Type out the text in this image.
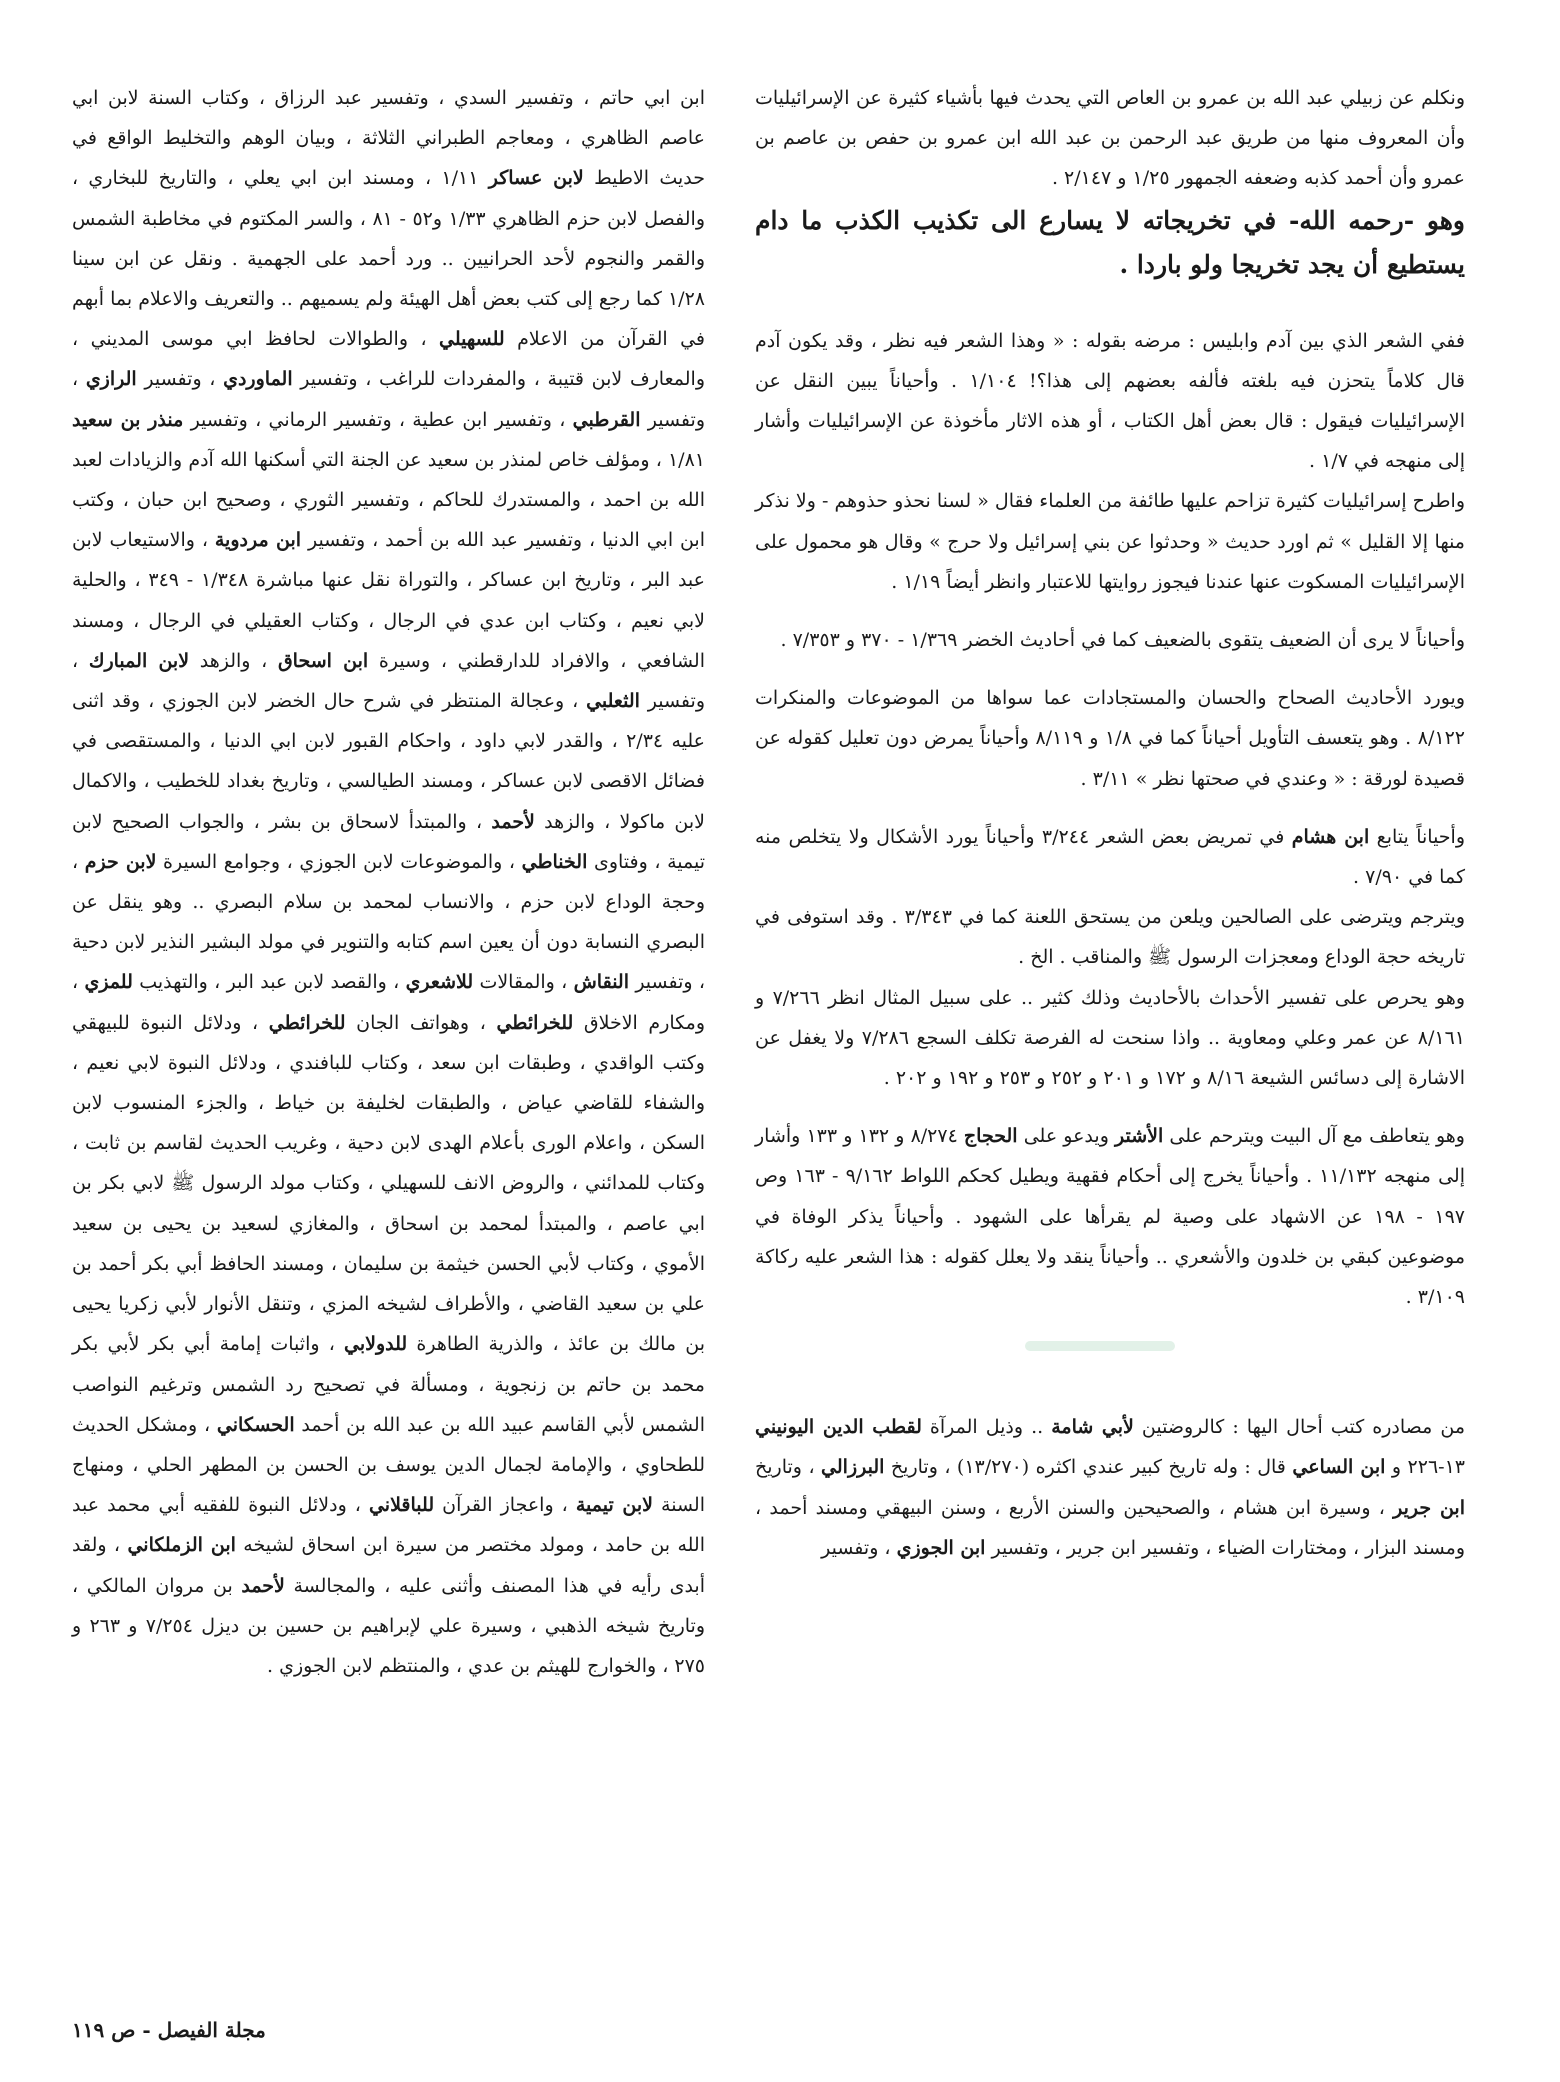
ونكلم عن زبيلي عبد الله بن عمرو بن العاص التي يحدث فيها بأشياء كثيرة عن الإسرائيليات وأن المعروف منها من طريق عبد الرحمن بن عبد الله ابن عمرو بن حفص بن عاصم بن عمرو وأن أحمد كذبه وضعفه الجمهور ١/٢٥ و ٢/١٤٧ .

وهو -رحمه الله- في تخريجاته لا يسارع الى تكذيب الكذب ما دام يستطيع أن يجد تخريجا ولو باردا .

ففي الشعر الذي بين آدم وابليس : مرضه بقوله : « وهذا الشعر فيه نظر ، وقد يكون آدم قال كلاماً يتحزن فيه بلغته فألفه بعضهم إلى هذا؟! ١/١٠٤ . وأحياناً يبين النقل عن الإسرائيليات فيقول : قال بعض أهل الكتاب ، أو هذه الاثار مأخوذة عن الإسرائيليات وأشار إلى منهجه في ١/٧ .

واطرح إسرائيليات كثيرة تزاحم عليها طائفة من العلماء فقال « لسنا نحذو حذوهم - ولا نذكر منها إلا القليل » ثم اورد حديث « وحدثوا عن بني إسرائيل ولا حرج » وقال هو محمول على الإسرائيليات المسكوت عنها عندنا فيجوز روايتها للاعتبار وانظر أيضاً ١/١٩ .

وأحياناً لا يرى أن الضعيف يتقوى بالضعيف كما في أحاديث الخضر ١/٣٦٩ - ٣٧٠ و ٧/٣٥٣ .

ويورد الأحاديث الصحاح والحسان والمستجادات عما سواها من الموضوعات والمنكرات ٨/١٢٢ . وهو يتعسف التأويل أحياناً كما في ١/٨ و ٨/١١٩ وأحياناً يمرض دون تعليل كقوله عن قصيدة لورقة : « وعندي في صحتها نظر » ٣/١١ .

وأحياناً يتابع ابن هشام في تمريض بعض الشعر ٣/٢٤٤ وأحياناً يورد الأشكال ولا يتخلص منه كما في ٧/٩٠ .

ويترجم ويترضى على الصالحين ويلعن من يستحق اللعنة كما في ٣/٣٤٣ . وقد استوفى في تاريخه حجة الوداع ومعجزات الرسول ﷺ والمناقب . الخ .

وهو يحرص على تفسير الأحداث بالأحاديث وذلك كثير .. على سبيل المثال انظر ٧/٢٦٦ و ٨/١٦١ عن عمر وعلي ومعاوية .. واذا سنحت له الفرصة تكلف السجع ٧/٢٨٦ ولا يغفل عن الاشارة إلى دسائس الشيعة ٨/١٦ و ١٧٢ و ٢٠١ و ٢٥٢ و ٢٥٣ و ١٩٢ و ٢٠٢ .

وهو يتعاطف مع آل البيت ويترحم على الأشتر ويدعو على الحجاج ٨/٢٧٤ و ١٣٢ و ١٣٣ وأشار إلى منهجه ١١/١٣٢ . وأحياناً يخرج إلى أحكام فقهية ويطيل كحكم اللواط ٩/١٦٢ - ١٦٣ وص ١٩٧ - ١٩٨ عن الاشهاد على وصية لم يقرأها على الشهود . وأحياناً يذكر الوفاة في موضوعين كبقي بن خلدون والأشعري .. وأحياناً ينقد ولا يعلل كقوله : هذا الشعر عليه ركاكة ٣/١٠٩ .

من مصادره كتب أحال اليها : كالروضتين لأبي شامة .. وذيل المرآة لقطب الدين اليونيني ١٣-٢٢٦ و ابن الساعي قال : وله تاريخ كبير عندي اكثره (١٣/٢٧٠) ، وتاريخ البرزالي ، وتاريخ ابن جرير ، وسيرة ابن هشام ، والصحيحين والسنن الأربع ، وسنن البيهقي ومسند أحمد ، ومسند البزار ، ومختارات الضياء ، وتفسير ابن جرير ، وتفسير ابن الجوزي ، وتفسير

ابن ابي حاتم ، وتفسير السدي ، وتفسير عبد الرزاق ، وكتاب السنة لابن ابي عاصم الظاهري ، ومعاجم الطبراني الثلاثة ، وبيان الوهم والتخليط الواقع في حديث الاطيط لابن عساكر ١/١١ ، ومسند ابن ابي يعلي ، والتاريخ للبخاري ، والفصل لابن حزم الظاهري ١/٣٣ و٥٢ - ٨١ ، والسر المكتوم في مخاطبة الشمس والقمر والنجوم لأحد الحرانيين .. ورد أحمد على الجهمية . ونقل عن ابن سينا ١/٢٨ كما رجع إلى كتب بعض أهل الهيئة ولم يسميهم .. والتعريف والاعلام بما أبهم في القرآن من الاعلام للسهيلي ، والطوالات لحافظ ابي موسى المديني ، والمعارف لابن قتيبة ، والمفردات للراغب ، وتفسير الماوردي ، وتفسير الرازي ، وتفسير القرطبي ، وتفسير ابن عطية ، وتفسير الرماني ، وتفسير منذر بن سعيد ١/٨١ ، ومؤلف خاص لمنذر بن سعيد عن الجنة التي أسكنها الله آدم والزيادات لعبد الله بن احمد ، والمستدرك للحاكم ، وتفسير الثوري ، وصحيح ابن حبان ، وكتب ابن ابي الدنيا ، وتفسير عبد الله بن أحمد ، وتفسير ابن مردوية ، والاستيعاب لابن عبد البر ، وتاريخ ابن عساكر ، والتوراة نقل عنها مباشرة ١/٣٤٨ - ٣٤٩ ، والحلية لابي نعيم ، وكتاب ابن عدي في الرجال ، وكتاب العقيلي في الرجال ، ومسند الشافعي ، والافراد للدارقطني ، وسيرة ابن اسحاق ، والزهد لابن المبارك ، وتفسير الثعلبي ، وعجالة المنتظر في شرح حال الخضر لابن الجوزي ، وقد اثنى عليه ٢/٣٤ ، والقدر لابي داود ، واحكام القبور لابن ابي الدنيا ، والمستقصى في فضائل الاقصى لابن عساكر ، ومسند الطيالسي ، وتاريخ بغداد للخطيب ، والاكمال لابن ماكولا ، والزهد لأحمد ، والمبتدأ لاسحاق بن بشر ، والجواب الصحيح لابن تيمية ، وفتاوى الخناطي ، والموضوعات لابن الجوزي ، وجوامع السيرة لابن حزم ، وحجة الوداع لابن حزم ، والانساب لمحمد بن سلام البصري .. وهو ينقل عن البصري النسابة دون أن يعين اسم كتابه والتنوير في مولد البشير النذير لابن دحية ، وتفسير النقاش ، والمقالات للاشعري ، والقصد لابن عبد البر ، والتهذيب للمزي ، ومكارم الاخلاق للخرائطي ، وهواتف الجان للخرائطي ، ودلائل النبوة للبيهقي وكتب الواقدي ، وطبقات ابن سعد ، وكتاب للبافندي ، ودلائل النبوة لابي نعيم ، والشفاء للقاضي عياض ، والطبقات لخليفة بن خياط ، والجزء المنسوب لابن السكن ، واعلام الورى بأعلام الهدى لابن دحية ، وغريب الحديث لقاسم بن ثابت ، وكتاب للمدائني ، والروض الانف للسهيلي ، وكتاب مولد الرسول ﷺ لابي بكر بن ابي عاصم ، والمبتدأ لمحمد بن اسحاق ، والمغازي لسعيد بن يحيى بن سعيد الأموي ، وكتاب لأبي الحسن خيثمة بن سليمان ، ومسند الحافظ أبي بكر أحمد بن علي بن سعيد القاضي ، والأطراف لشيخه المزي ، وتنقل الأنوار لأبي زكريا يحيى بن مالك بن عائذ ، والذرية الطاهرة للدولابي ، واثبات إمامة أبي بكر لأبي بكر محمد بن حاتم بن زنجوية ، ومسألة في تصحيح رد الشمس وترغيم النواصب الشمس لأبي القاسم عبيد الله بن عبد الله بن أحمد الحسكاني ، ومشكل الحديث للطحاوي ، والإمامة لجمال الدين يوسف بن الحسن بن المطهر الحلي ، ومنهاج السنة لابن تيمية ، واعجاز القرآن للباقلاني ، ودلائل النبوة للفقيه أبي محمد عبد الله بن حامد ، ومولد مختصر من سيرة ابن اسحاق لشيخه ابن الزملكاني ، ولقد أبدى رأيه في هذا المصنف وأثنى عليه ، والمجالسة لأحمد بن مروان المالكي ، وتاريخ شيخه الذهبي ، وسيرة علي لإبراهيم بن حسين بن ديزل ٧/٢٥٤ و ٢٦٣ و ٢٧٥ ، والخوارج للهيثم بن عدي ، والمنتظم لابن الجوزي .

مجلة الفيصل - ص ١١٩
